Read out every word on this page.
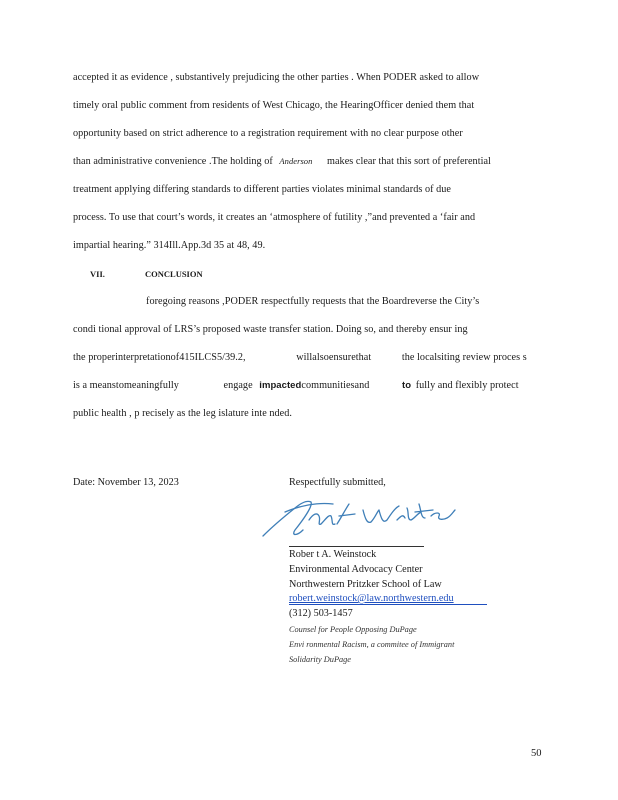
accepted it as evidence , substantively prejudicing the other parties . When PODER asked to allow
timely oral public comment from residents of West Chicago, the HearingOfficer denied them that
opportunity based on strict adherence to a registration requirement with no clear purpose other
than administrative convenience .The holding of Anderson makes clear that this sort of preferential
treatment applying differing standards to different parties violates minimal standards of due
process. To use that court’s words, it creates an ‘atmosphere of futility ,”and prevented a ‘fair and
impartial hearing.” 314Ill.App.3d 35 at 48, 49.
VII.	CONCLUSION
foregoing reasons ,PODER respectfully requests that the Boardreverse the City’s
condi tional approval of LRS’s proposed waste transfer station. Doing so, and thereby ensur ing
the properinterpretationof415ILCS5/39.2,	willalsoensurethat	the localsiting review proces s
is a meanstomeaningfully	engage impactedcommunitiesand	to fully and flexibly protect
public health , p recisely as the leg islature inte nded.
Date: November 13, 2023	Respectfully submitted,
Rober t A. Weinstock
Environmental Advocacy Center
Northwestern Pritzker School of Law
robert.weinstock@law.northwestern.edu
(312) 503-1457
Counsel for People Opposing DuPage
Envi ronmental Racism, a commitee of Immigrant
Solidarity DuPage
50
